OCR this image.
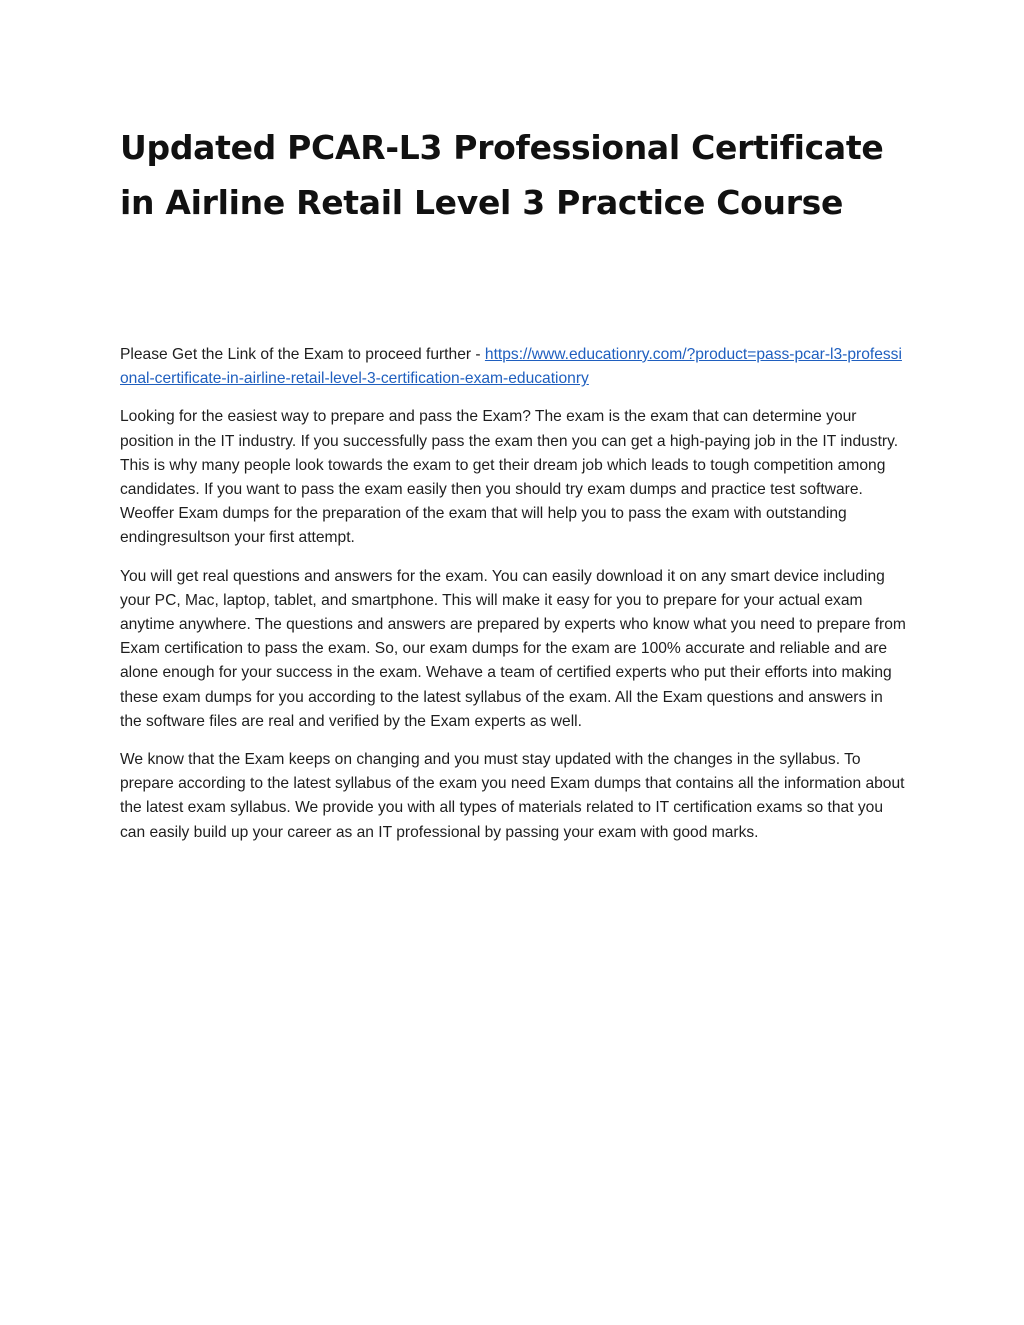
Updated PCAR-L3 Professional Certificate in Airline Retail Level 3 Practice Course

Please Get the Link of the Exam to proceed further - https://www.educationry.com/?product=pass-pcar-l3-professional-certificate-in-airline-retail-level-3-certification-exam-educationry

Looking for the easiest way to prepare and pass the Exam? The exam is the exam that can determine your position in the IT industry. If you successfully pass the exam then you can get a high-paying job in the IT industry. This is why many people look towards the exam to get their dream job which leads to tough competition among candidates. If you want to pass the exam easily then you should try exam dumps and practice test software. Weoffer Exam dumps for the preparation of the exam that will help you to pass the exam with outstanding endingresultson your first attempt.

You will get real questions and answers for the exam. You can easily download it on any smart device including your PC, Mac, laptop, tablet, and smartphone. This will make it easy for you to prepare for your actual exam anytime anywhere. The questions and answers are prepared by experts who know what you need to prepare from Exam certification to pass the exam. So, our exam dumps for the exam are 100% accurate and reliable and are alone enough for your success in the exam. Wehave a team of certified experts who put their efforts into making these exam dumps for you according to the latest syllabus of the exam. All the Exam questions and answers in the software files are real and verified by the Exam experts as well.

We know that the Exam keeps on changing and you must stay updated with the changes in the syllabus. To prepare according to the latest syllabus of the exam you need Exam dumps that contains all the information about the latest exam syllabus. We provide you with all types of materials related to IT certification exams so that you can easily build up your career as an IT professional by passing your exam with good marks.
